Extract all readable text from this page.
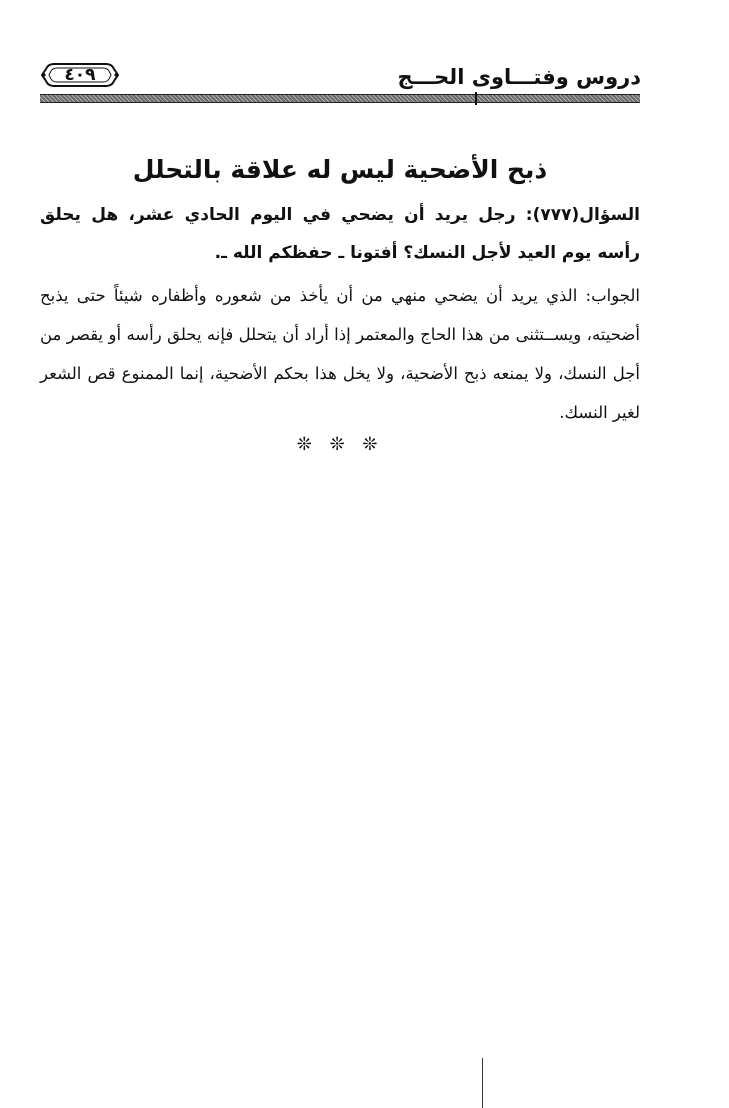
دروس وفتـــاوى الحـــج
٤٠٩
ذبح الأضحية ليس له علاقة بالتحلل

السؤال(٧٧٧): رجل يريد أن يضحي في اليوم الحادي عشر، هل يحلق رأسه يوم العيد لأجل النسك؟ أفتونا ـ حفظكم الله ـ.

الجواب: الذي يريد أن يضحي منهي من أن يأخذ من شعوره وأظفاره شيئاً حتى يذبح أضحيته، ويســتثنى من هذا الحاج والمعتمر إذا أراد أن يتحلل فإنه يحلق رأسه أو يقصر من أجل النسك، ولا يمنعه ذبح الأضحية، ولا يخل هذا بحكم الأضحية، إنما الممنوع قص الشعر لغير النسك.

❊ ❊ ❊
